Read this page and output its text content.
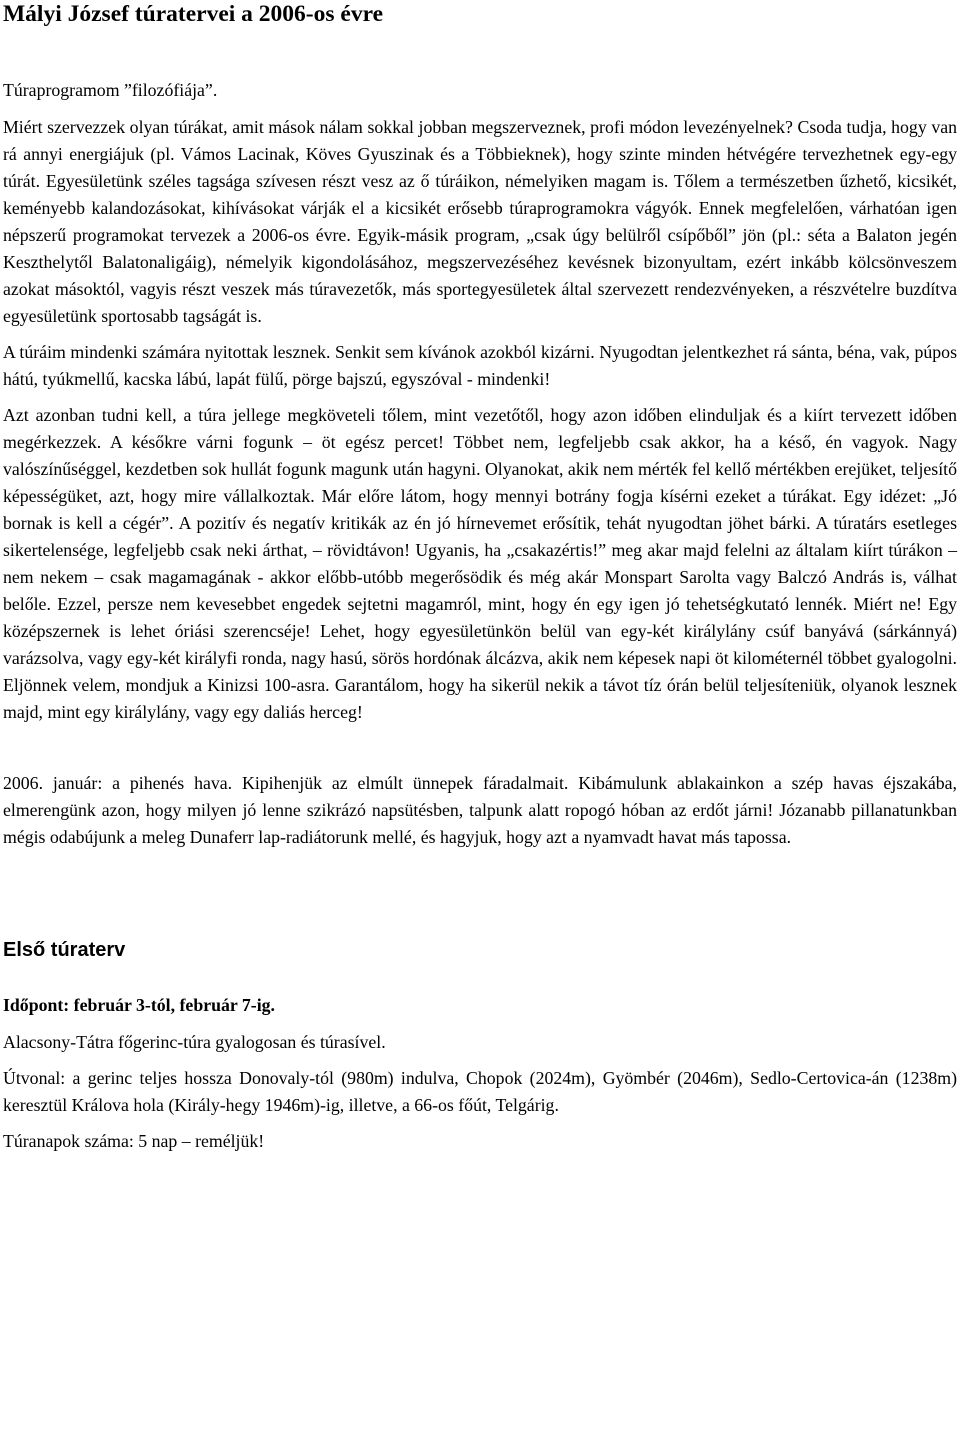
Mályi József túratervei a 2006-os évre

Túraprogramom ”filozófiája”.

Miért szervezzek olyan túrákat, amit mások nálam sokkal jobban megszerveznek, profi módon levezényelnek? Csoda tudja, hogy van rá annyi energiájuk (pl. Vámos Lacinak, Köves Gyuszinak és a Többieknek), hogy szinte minden hétvégére tervezhetnek egy-egy túrát. Egyesületünk széles tagsága szívesen részt vesz az ő túráikon, némelyiken magam is. Tőlem a természetben űzhető, kicsikét, keményebb kalandozásokat, kihívásokat várják el a kicsikét erősebb túraprogramokra vágyók. Ennek megfelelően, várhatóan igen népszerű programokat tervezek a 2006-os évre. Egyik-másik program, „csak úgy belülről csípőből” jön (pl.: séta a Balaton jegén Keszthelytől Balatonaligáig), némelyik kigondolásához, megszervezéséhez kevésnek bizonyultam, ezért inkább kölcsönveszem azokat másoktól, vagyis részt veszek más túravezetők, más sportegyesületek által szervezett rendezvényeken, a részvételre buzdítva egyesületünk sportosabb tagságát is.

A túráim mindenki számára nyitottak lesznek. Senkit sem kívánok azokból kizárni. Nyugodtan jelentkezhet rá sánta, béna, vak, púpos hátú, tyúkmellű, kacska lábú, lapát fülű, pörge bajszú, egyszóval - mindenki!

Azt azonban tudni kell, a túra jellege megköveteli tőlem, mint vezetőtől, hogy azon időben elinduljak és a kiírt tervezett időben megérkezzek. A későkre várni fogunk – öt egész percet! Többet nem, legfeljebb csak akkor, ha a késő, én vagyok. Nagy valószínűséggel, kezdetben sok hullát fogunk magunk után hagyni. Olyanokat, akik nem mérték fel kellő mértékben erejüket, teljesítő képességüket, azt, hogy mire vállalkoztak. Már előre látom, hogy mennyi botrány fogja kísérni ezeket a túrákat. Egy idézet: „Jó bornak is kell a cégér”. A pozitív és negatív kritikák az én jó hírnevemet erősítik, tehát nyugodtan jöhet bárki. A túratárs esetleges sikertelensége, legfeljebb csak neki árthat, – rövidtávon! Ugyanis, ha „csakazértis!” meg akar majd felelni az általam kiírt túrákon – nem nekem – csak magamagának - akkor előbb-utóbb megerősödik és még akár Monspart Sarolta vagy Balczó András is, válhat belőle. Ezzel, persze nem kevesebbet engedek sejtetni magamról, mint, hogy én egy igen jó tehetségkutató lennék. Miért ne! Egy középszernek is lehet óriási szerencséje! Lehet, hogy egyesületünkön belül van egy-két királylány csúf banyává (sárkánnyá) varázsolva, vagy egy-két királyfi ronda, nagy hasú, sörös hordónak álcázva, akik nem képesek napi öt kilométernél többet gyalogolni. Eljönnek velem, mondjuk a Kinizsi 100-asra. Garantálom, hogy ha sikerül nekik a távot tíz órán belül teljesíteniük, olyanok lesznek majd, mint egy királylány, vagy egy daliás herceg!

2006. január: a pihenés hava. Kipihenjük az elmúlt ünnepek fáradalmait. Kibámulunk ablakainkon a szép havas éjszakába, elmerengünk azon, hogy milyen jó lenne szikrázó napsütésben, talpunk alatt ropogó hóban az erdőt járni! Józanabb pillanatunkban mégis odabújunk a meleg Dunaferr lap-radiátorunk mellé, és hagyjuk, hogy azt a nyamvadt havat más tapossa.

Első túraterv

Időpont: február 3-tól, február 7-ig.

Alacsony-Tátra főgerinc-túra gyalogosan és túrasível.

Útvonal: a gerinc teljes hossza Donovaly-tól (980m) indulva, Chopok (2024m), Gyömbér (2046m), Sedlo-Certovica-án (1238m) keresztül Králova hola (Király-hegy 1946m)-ig, illetve, a 66-os főút, Telgárig.

Túranapok száma: 5 nap – reméljük!
